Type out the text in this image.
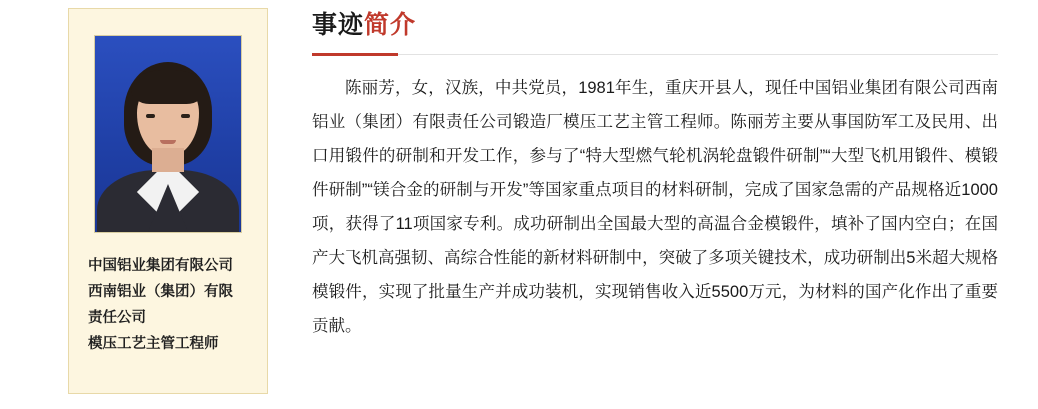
中国铝业集团有限公司
西南铝业（集团）有限
责任公司
模压工艺主管工程师
事迹简介
陈丽芳，女，汉族，中共党员，1981年生，重庆开县人，现任中国铝业集团有限公司西南铝业（集团）有限责任公司锻造厂模压工艺主管工程师。陈丽芳主要从事国防军工及民用、出口用锻件的研制和开发工作，参与了“特大型燃气轮机涡轮盘锻件研制”“大型飞机用锻件、模锻件研制”“镁合金的研制与开发”等国家重点项目的材料研制，完成了国家急需的产品规格近1000项，获得了11项国家专利。成功研制出全国最大型的高温合金模锻件，填补了国内空白；在国产大飞机高强韧、高综合性能的新材料研制中，突破了多项关键技术，成功研制出5米超大规格模锻件，实现了批量生产并成功装机，实现销售收入近5500万元，为材料的国产化作出了重要贡献。
